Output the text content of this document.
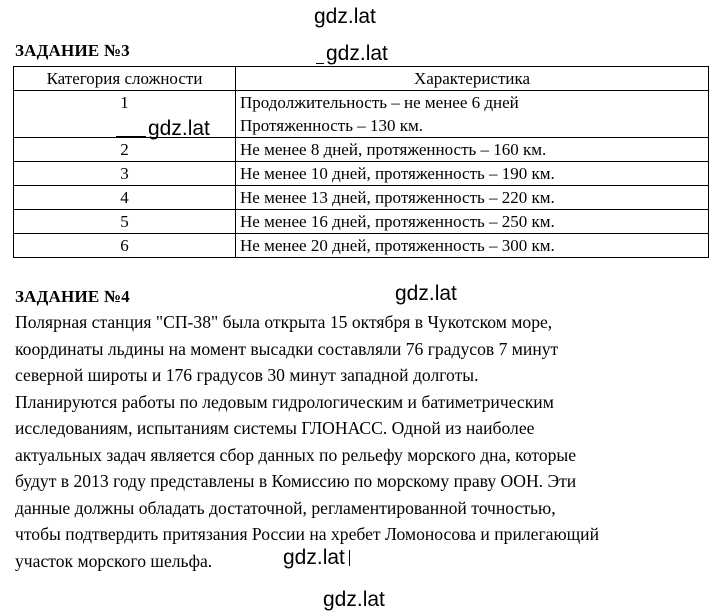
gdz.lat
gdz.lat
gdz.lat
gdz.lat
gdz.lat
gdz.lat
ЗАДАНИЕ №3
Категория сложности	Характеристика
1	Продолжительность – не менее 6 дней
Протяженность – 130 км.

2	Не менее 8 дней, протяженность – 160 км.
3	Не менее 10 дней, протяженность – 190 км.
4	Не менее 13 дней, протяженность – 220 км.
5	Не менее 16 дней, протяженность – 250 км.
6	Не менее 20 дней, протяженность – 300 км.
ЗАДАНИЕ №4
Полярная станция "СП-38" была открыта 15 октября в Чукотском море,
координаты льдины на момент высадки составляли 76 градусов 7 минут
северной широты и 176 градусов 30 минут западной долготы.
Планируются работы по ледовым гидрологическим и батиметрическим
исследованиям, испытаниям системы ГЛОНАСС. Одной из наиболее
актуальных задач является сбор данных по рельефу морского дна, которые
будут в 2013 году представлены в Комиссию по морскому праву ООН. Эти
данные должны обладать достаточной, регламентированной точностью,
чтобы подтвердить притязания России на хребет Ломоносова и прилегающий
участок морского шельфа.
